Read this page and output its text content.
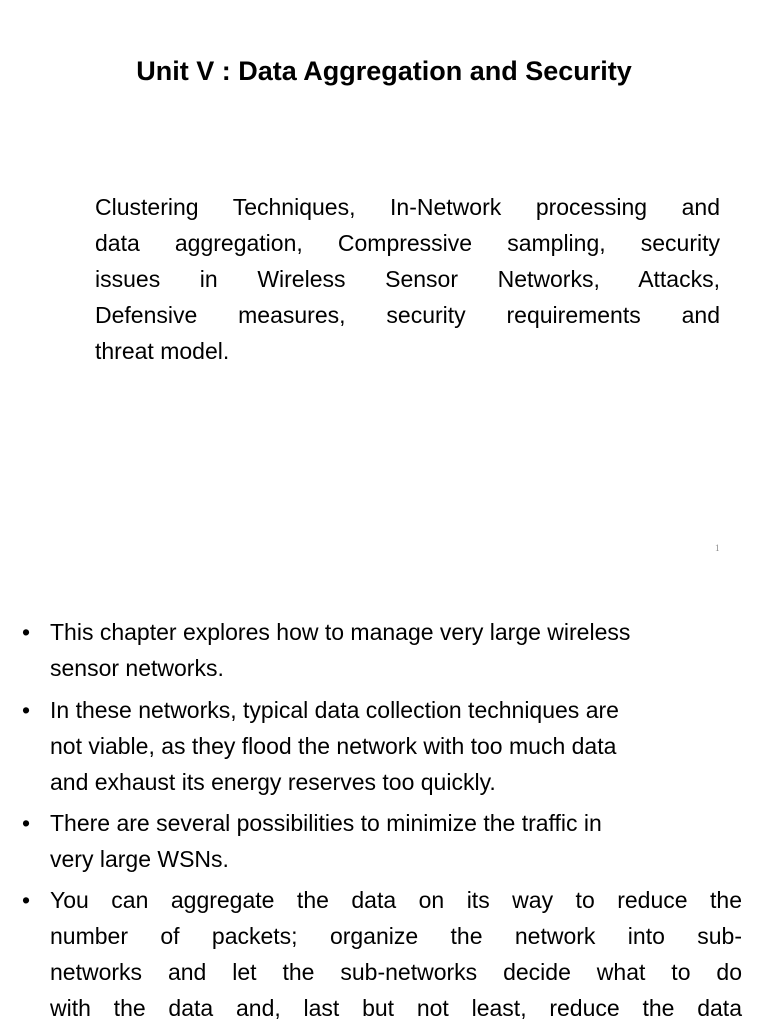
Unit V : Data Aggregation and Security
Clustering Techniques, In-Network processing and
data aggregation, Compressive sampling, security
issues in Wireless Sensor Networks, Attacks,
Defensive measures, security requirements and
threat model.
1
• This chapter explores how to manage very large wireless
sensor networks.
• In these networks, typical data collection techniques are
not viable, as they flood the network with too much data
and exhaust its energy reserves too quickly.
• There are several possibilities to minimize the traffic in
very large WSNs.
• You can aggregate the data on its way to reduce the
number of packets; organize the network into sub-
networks and let the sub-networks decide what to do
with the data and, last but not least, reduce the data
